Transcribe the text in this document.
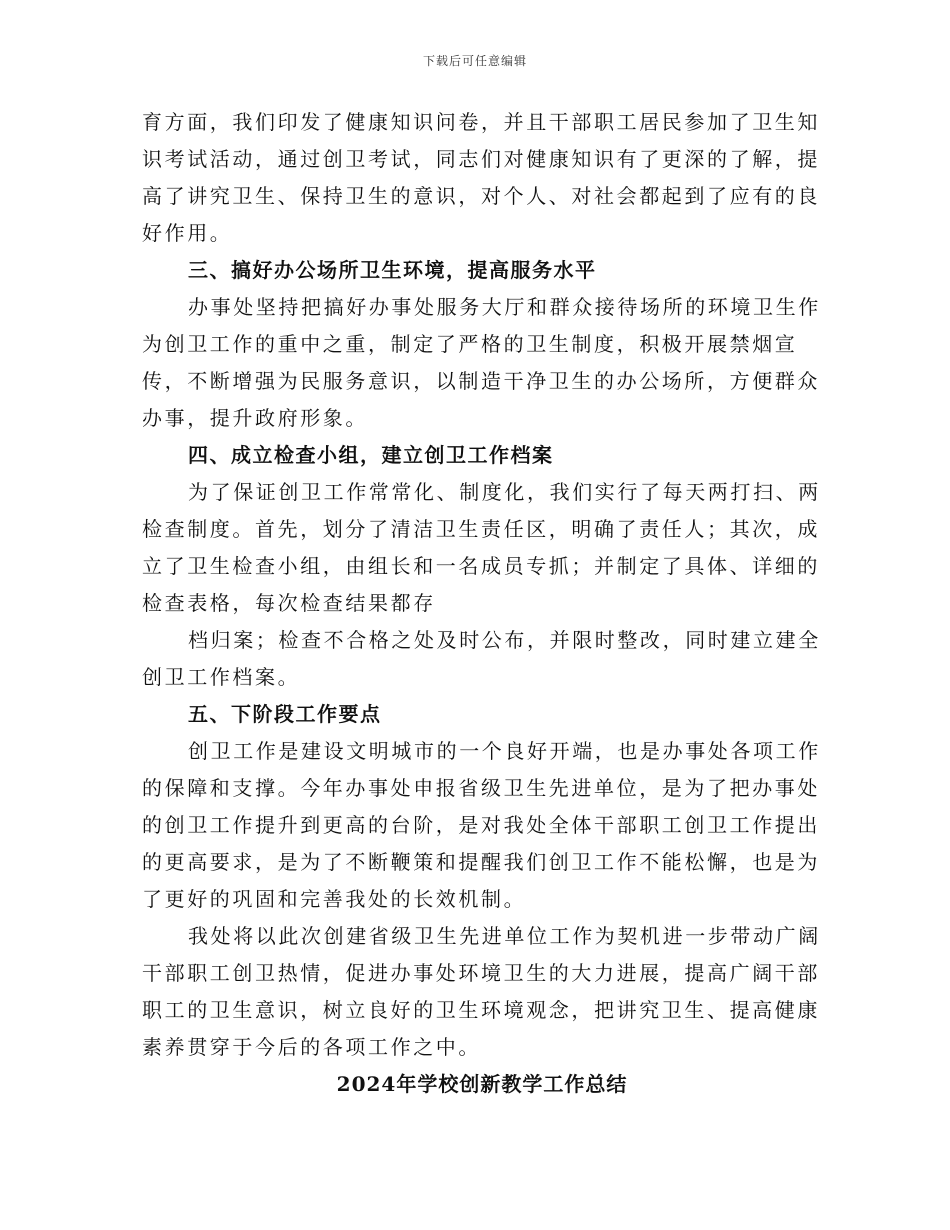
下载后可任意编辑

育方面，我们印发了健康知识问卷，并且干部职工居民参加了卫生知识考试活动，通过创卫考试，同志们对健康知识有了更深的了解，提高了讲究卫生、保持卫生的意识，对个人、对社会都起到了应有的良好作用。

三、搞好办公场所卫生环境，提高服务水平

办事处坚持把搞好办事处服务大厅和群众接待场所的环境卫生作为创卫工作的重中之重，制定了严格的卫生制度，积极开展禁烟宣传，不断增强为民服务意识，以制造干净卫生的办公场所，方便群众办事，提升政府形象。

四、成立检查小组，建立创卫工作档案

为了保证创卫工作常常化、制度化，我们实行了每天两打扫、两检查制度。首先，划分了清洁卫生责任区，明确了责任人；其次，成立了卫生检查小组，由组长和一名成员专抓；并制定了具体、详细的检查表格，每次检查结果都存

档归案；检查不合格之处及时公布，并限时整改，同时建立建全创卫工作档案。

五、下阶段工作要点

创卫工作是建设文明城市的一个良好开端，也是办事处各项工作的保障和支撑。今年办事处申报省级卫生先进单位，是为了把办事处的创卫工作提升到更高的台阶，是对我处全体干部职工创卫工作提出的更高要求，是为了不断鞭策和提醒我们创卫工作不能松懈，也是为了更好的巩固和完善我处的长效机制。

我处将以此次创建省级卫生先进单位工作为契机进一步带动广阔干部职工创卫热情，促进办事处环境卫生的大力进展，提高广阔干部职工的卫生意识，树立良好的卫生环境观念，把讲究卫生、提高健康素养贯穿于今后的各项工作之中。

2024年学校创新教学工作总结
